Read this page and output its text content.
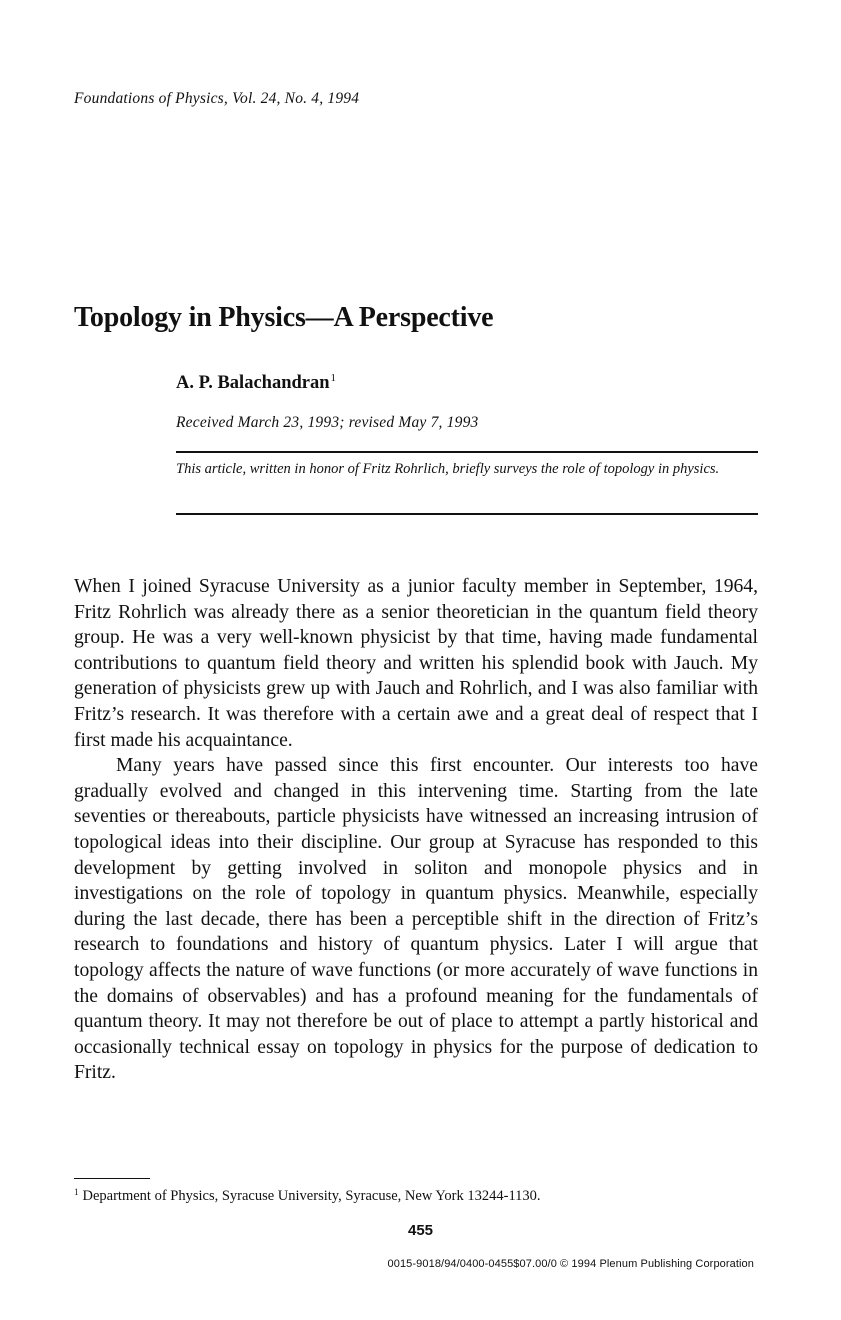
Foundations of Physics, Vol. 24, No. 4, 1994
Topology in Physics—A Perspective
A. P. Balachandran$^1$
Received March 23, 1993; revised May 7, 1993

This article, written in honor of Fritz Rohrlich, briefly surveys the role of topology in physics.

When I joined Syracuse University as a junior faculty member in September, 1964, Fritz Rohrlich was already there as a senior theoretician in the quantum field theory group. He was a very well-known physicist by that time, having made fundamental contributions to quantum field theory and written his splendid book with Jauch. My generation of physicists grew up with Jauch and Rohrlich, and I was also familiar with Fritz’s research. It was therefore with a certain awe and a great deal of respect that I first made his acquaintance.

Many years have passed since this first encounter. Our interests too have gradually evolved and changed in this intervening time. Starting from the late seventies or thereabouts, particle physicists have witnessed an increasing intrusion of topological ideas into their discipline. Our group at Syracuse has responded to this development by getting involved in soliton and monopole physics and in investigations on the role of topology in quantum physics. Meanwhile, especially during the last decade, there has been a perceptible shift in the direction of Fritz’s research to foundations and history of quantum physics. Later I will argue that topology affects the nature of wave functions (or more accurately of wave functions in the domains of observables) and has a profound meaning for the fundamentals of quantum theory. It may not therefore be out of place to attempt a partly historical and occasionally technical essay on topology in physics for the purpose of dedication to Fritz.

$^1$ Department of Physics, Syracuse University, Syracuse, New York 13244-1130.
455
0015-9018/94/0400-0455$07.00/0 © 1994 Plenum Publishing Corporation
